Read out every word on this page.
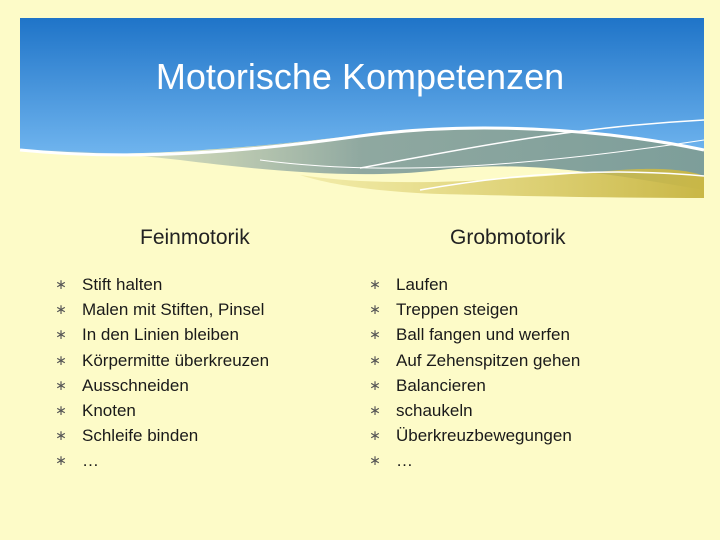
Motorische Kompetenzen
Feinmotorik	Grobmotorik
∗ Stift halten
∗ Malen mit Stiften, Pinsel
∗ In den Linien bleiben
∗ Körpermitte überkreuzen
∗ Ausschneiden
∗ Knoten
∗ Schleife binden
∗ …
∗ Laufen
∗ Treppen steigen
∗ Ball fangen und werfen
∗ Auf Zehenspitzen gehen
∗ Balancieren
∗ schaukeln
∗ Überkreuzbewegungen
∗ …
